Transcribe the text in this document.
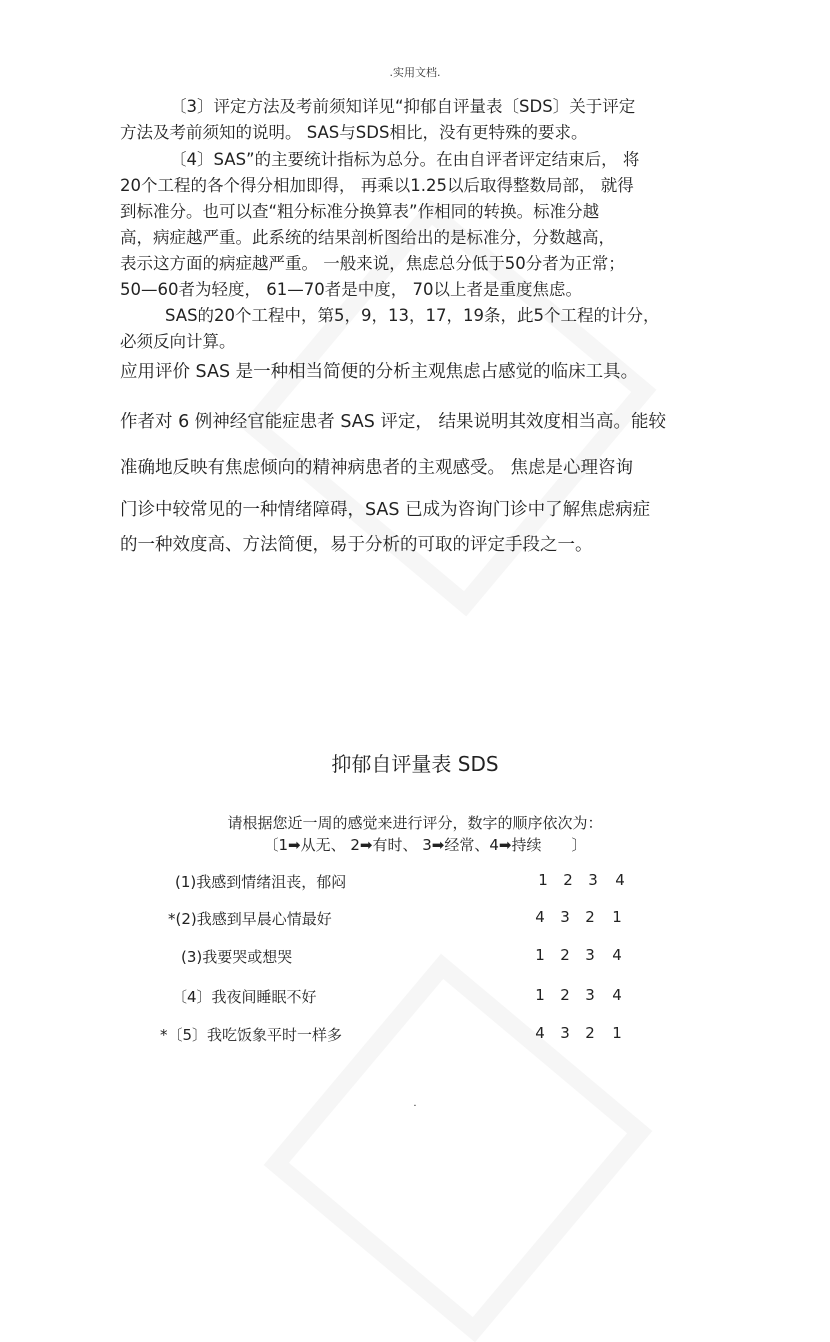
.实用文档.
〔3〕评定方法及考前须知详见“抑郁自评量表〔SDS〕关于评定
方法及考前须知的说明。 SAS与SDS相比，没有更特殊的要求。
〔4〕SAS”的主要统计指标为总分。在由自评者评定结束后， 将
20个工程的各个得分相加即得， 再乘以1.25以后取得整数局部， 就得
到标准分。也可以查“粗分标准分换算表”作相同的转换。标准分越
高，病症越严重。此系统的结果剖析图给出的是标准分，分数越高，
表示这方面的病症越严重。 一般来说，焦虑总分低于50分者为正常；
50—60者为轻度， 61—70者是中度， 70以上者是重度焦虑。
SAS的20个工程中，第5，9，13，17，19条，此5个工程的计分，
必须反向计算。
应用评价 SAS 是一种相当简便的分析主观焦虑占感觉的临床工具。
作者对 6 例神经官能症患者 SAS 评定， 结果说明其效度相当高。能较
准确地反映有焦虑倾向的精神病患者的主观感受。 焦虑是心理咨询
门诊中较常见的一种情绪障碍，SAS 已成为咨询门诊中了解焦虑病症
的一种效度高、方法简便，易于分析的可取的评定手段之一。
抑郁自评量表 SDS
请根据您近一周的感觉来进行评分，数字的顺序依次为：
〔1➡从无、 2➡有时、 3➡经常、4➡持续　　〕
(1)我感到情绪沮丧，郁闷	1	2	3	4
*(2)我感到早晨心情最好	4	3	2	1
(3)我要哭或想哭	1	2	3	4
〔4〕我夜间睡眠不好	1	2	3	4
*〔5〕我吃饭象平时一样多	4	3	2	1
.
